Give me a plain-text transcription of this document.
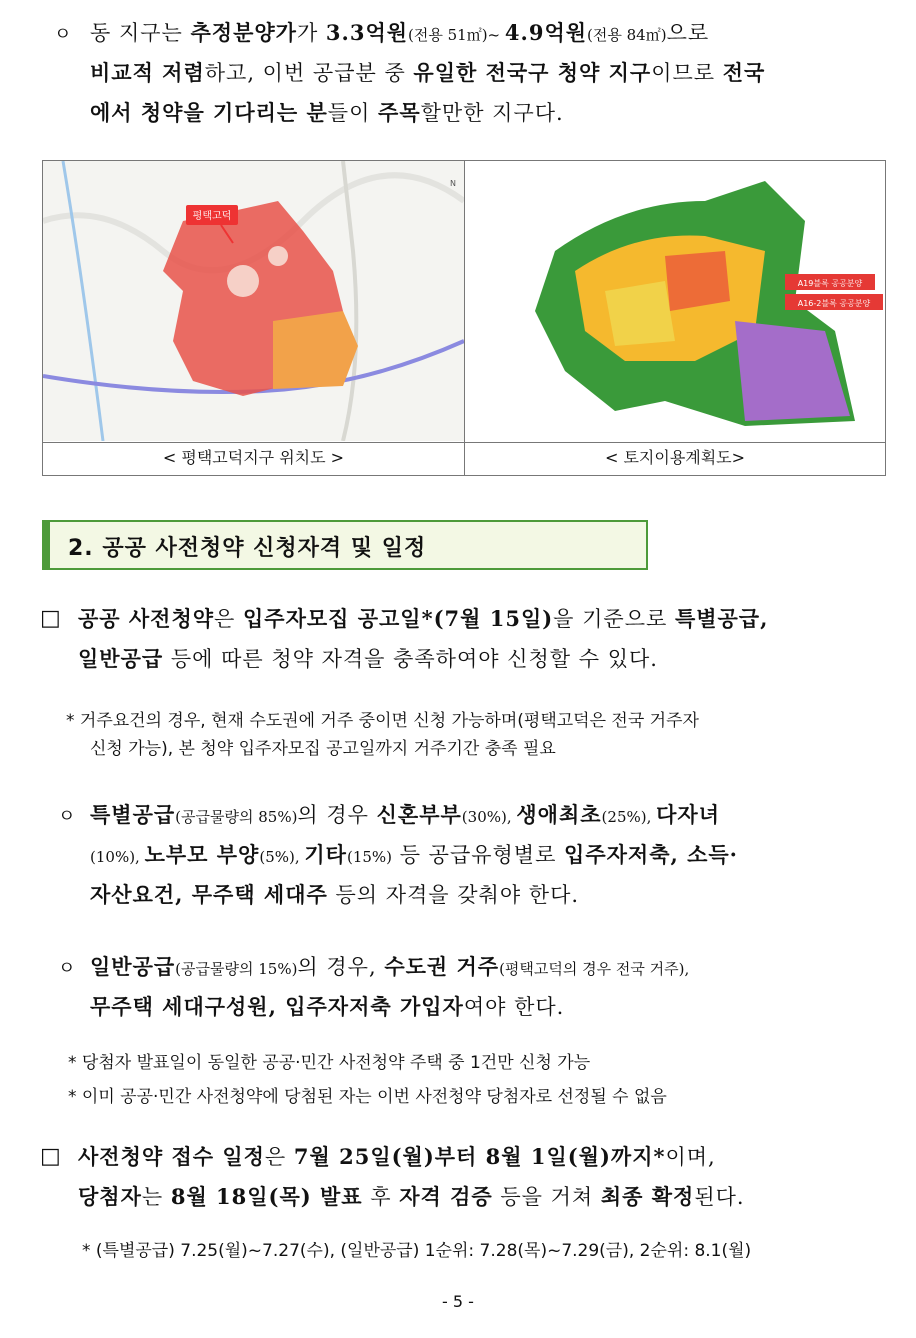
ㅇ 동 지구는 추정분양가가 3.3억원(전용 51㎡)~ 4.9억원(전용 84㎡)으로
비교적 저렴하고, 이번 공급분 중 유일한 전국구 청약 지구이므로 전국
에서 청약을 기다리는 분들이 주목할만한 지구다.
평택고덕
N
A19블록 공공분양
A16-2블록 공공분양
< 평택고덕지구 위치도 >	< 토지이용계획도>
2. 공공 사전청약 신청자격 및 일정
□ 공공 사전청약은 입주자모집 공고일*(7월 15일)을 기준으로 특별공급,
일반공급 등에 따른 청약 자격을 충족하여야 신청할 수 있다.
* 거주요건의 경우, 현재 수도권에 거주 중이면 신청 가능하며(평택고덕은 전국 거주자
신청 가능), 본 청약 입주자모집 공고일까지 거주기간 충족 필요
ㅇ 특별공급(공급물량의 85%)의 경우 신혼부부(30%), 생애최초(25%), 다자녀
(10%), 노부모 부양(5%), 기타(15%) 등 공급유형별로 입주자저축, 소득·
자산요건, 무주택 세대주 등의 자격을 갖춰야 한다.
ㅇ 일반공급(공급물량의 15%)의 경우, 수도권 거주(평택고덕의 경우 전국 거주),
무주택 세대구성원, 입주자저축 가입자여야 한다.
* 당첨자 발표일이 동일한 공공·민간 사전청약 주택 중 1건만 신청 가능
* 이미 공공·민간 사전청약에 당첨된 자는 이번 사전청약 당첨자로 선정될 수 없음
□ 사전청약 접수 일정은 7월 25일(월)부터 8월 1일(월)까지*이며,
당첨자는 8월 18일(목) 발표 후 자격 검증 등을 거쳐 최종 확정된다.
* (특별공급) 7.25(월)~7.27(수), (일반공급) 1순위: 7.28(목)~7.29(금), 2순위: 8.1(월)
- 5 -
